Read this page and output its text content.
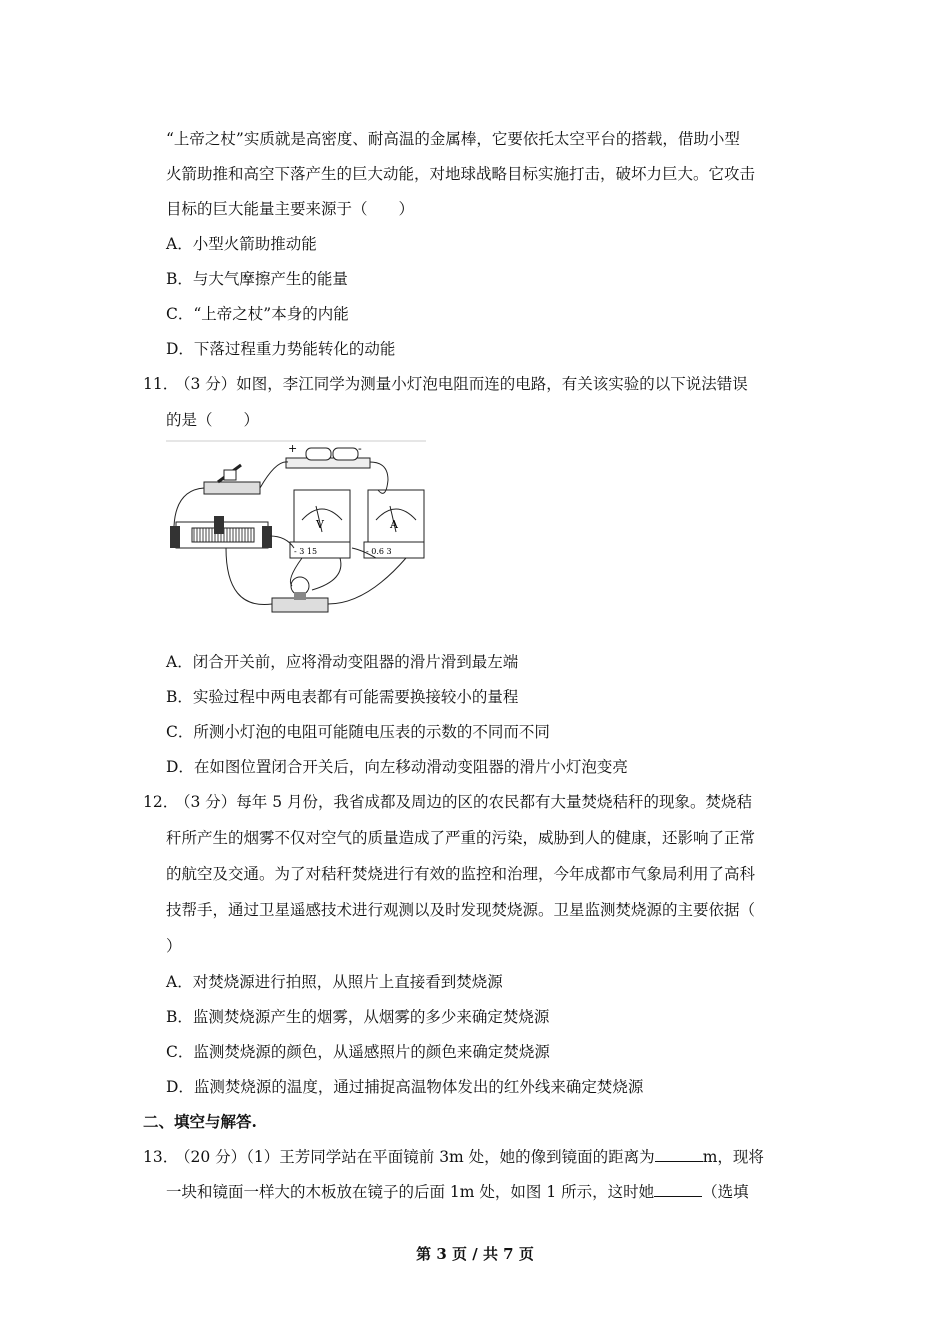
“上帝之杖”实质就是高密度、耐高温的金属棒，它要依托太空平台的搭载，借助小型
火箭助推和高空下落产生的巨大动能，对地球战略目标实施打击，破坏力巨大。它攻击
目标的巨大能量主要来源于（　　）
A．小型火箭助推动能
B．与大气摩擦产生的能量
C．“上帝之杖”本身的内能
D．下落过程重力势能转化的动能
11．
（3 分）如图，李江同学为测量小灯泡电阻而连的电路，有关该实验的以下说法错误
的是（　　）
+	-
V
- 3 15
A
- 0.6 3
A．闭合开关前，应将滑动变阻器的滑片滑到最左端
B．实验过程中两电表都有可能需要换接较小的量程
C．所测小灯泡的电阻可能随电压表的示数的不同而不同
D．在如图位置闭合开关后，向左移动滑动变阻器的滑片小灯泡变亮
12．
（3 分）每年 5 月份，我省成都及周边的区的农民都有大量焚烧秸秆的现象。焚烧秸
秆所产生的烟雾不仅对空气的质量造成了严重的污染，威胁到人的健康，还影响了正常
的航空及交通。为了对秸秆焚烧进行有效的监控和治理，今年成都市气象局利用了高科
技帮手，通过卫星遥感技术进行观测以及时发现焚烧源。卫星监测焚烧源的主要依据（
）
A．对焚烧源进行拍照，从照片上直接看到焚烧源
B．监测焚烧源产生的烟雾，从烟雾的多少来确定焚烧源
C．监测焚烧源的颜色，从遥感照片的颜色来确定焚烧源
D．监测焚烧源的温度，通过捕捉高温物体发出的红外线来确定焚烧源
二、填空与解答.
13．
（20 分）（1）王芳同学站在平面镜前 3m 处，她的像到镜面的距离为	m，现将
一块和镜面一样大的木板放在镜子的后面 1m 处，如图 1 所示，这时她	（选填
第 3 页 / 共 7 页
